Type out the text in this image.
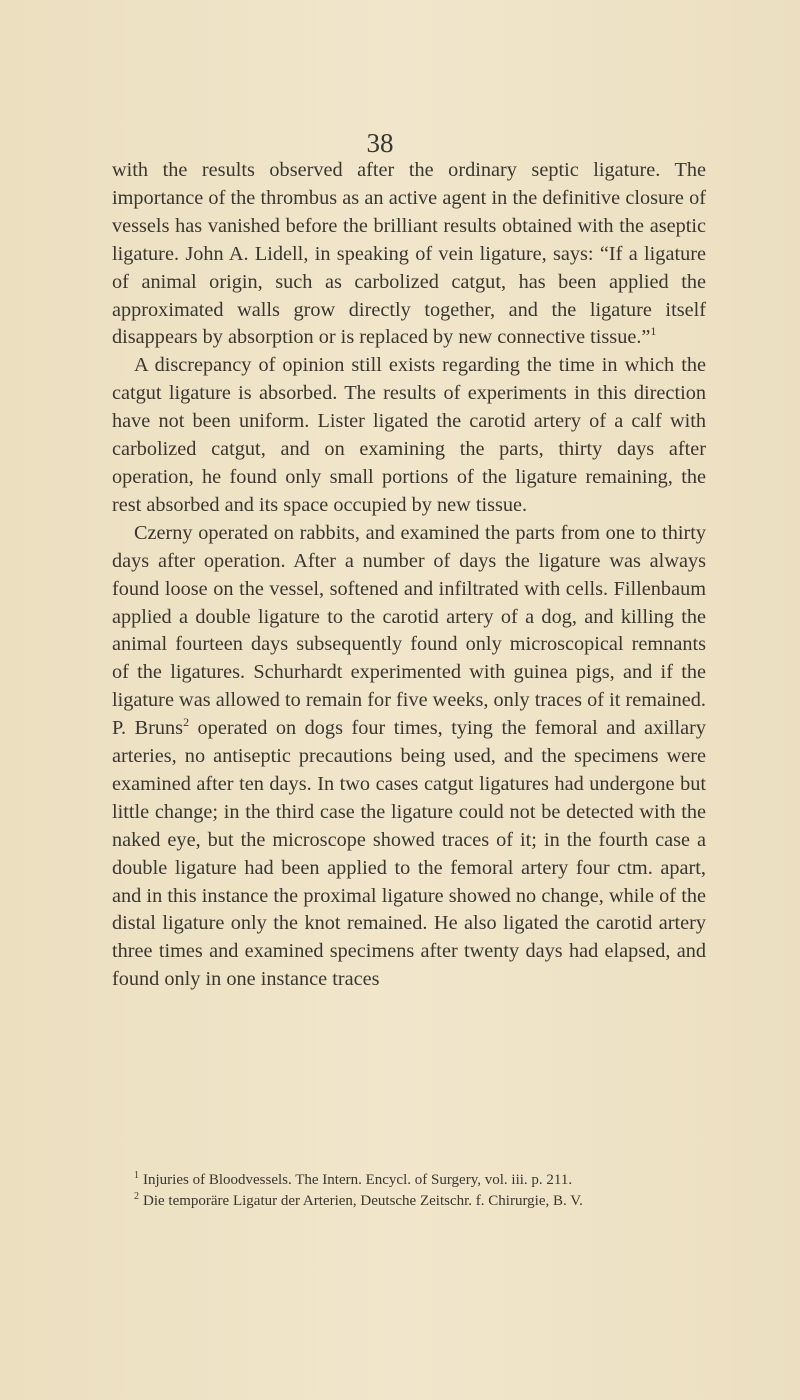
38

with the results observed after the ordinary septic ligature. The importance of the thrombus as an active agent in the definitive closure of vessels has vanished before the brilliant results obtained with the aseptic ligature. John A. Lidell, in speaking of vein ligature, says: “If a ligature of animal origin, such as carbolized catgut, has been applied the approximated walls grow directly together, and the ligature itself disappears by absorption or is replaced by new connective tissue.”$^1$

A discrepancy of opinion still exists regarding the time in which the catgut ligature is absorbed. The results of experiments in this direction have not been uniform. Lister ligated the carotid artery of a calf with carbolized catgut, and on examining the parts, thirty days after operation, he found only small portions of the ligature remaining, the rest absorbed and its space occupied by new tissue.

Czerny operated on rabbits, and examined the parts from one to thirty days after operation. After a number of days the ligature was always found loose on the vessel, softened and infiltrated with cells. Fillenbaum applied a double ligature to the carotid artery of a dog, and killing the animal fourteen days subsequently found only microscopical remnants of the ligatures. Schurhardt experimented with guinea pigs, and if the ligature was allowed to remain for five weeks, only traces of it remained. P. Bruns$^2$ operated on dogs four times, tying the femoral and axillary arteries, no antiseptic precautions being used, and the specimens were examined after ten days. In two cases catgut ligatures had undergone but little change; in the third case the ligature could not be detected with the naked eye, but the microscope showed traces of it; in the fourth case a double ligature had been applied to the femoral artery four ctm. apart, and in this instance the proximal ligature showed no change, while of the distal ligature only the knot remained. He also ligated the carotid artery three times and examined specimens after twenty days had elapsed, and found only in one instance traces

$^1$ Injuries of Bloodvessels. The Intern. Encycl. of Surgery, vol. iii. p. 211.

$^2$ Die temporäre Ligatur der Arterien, Deutsche Zeitschr. f. Chirurgie, B. V.
